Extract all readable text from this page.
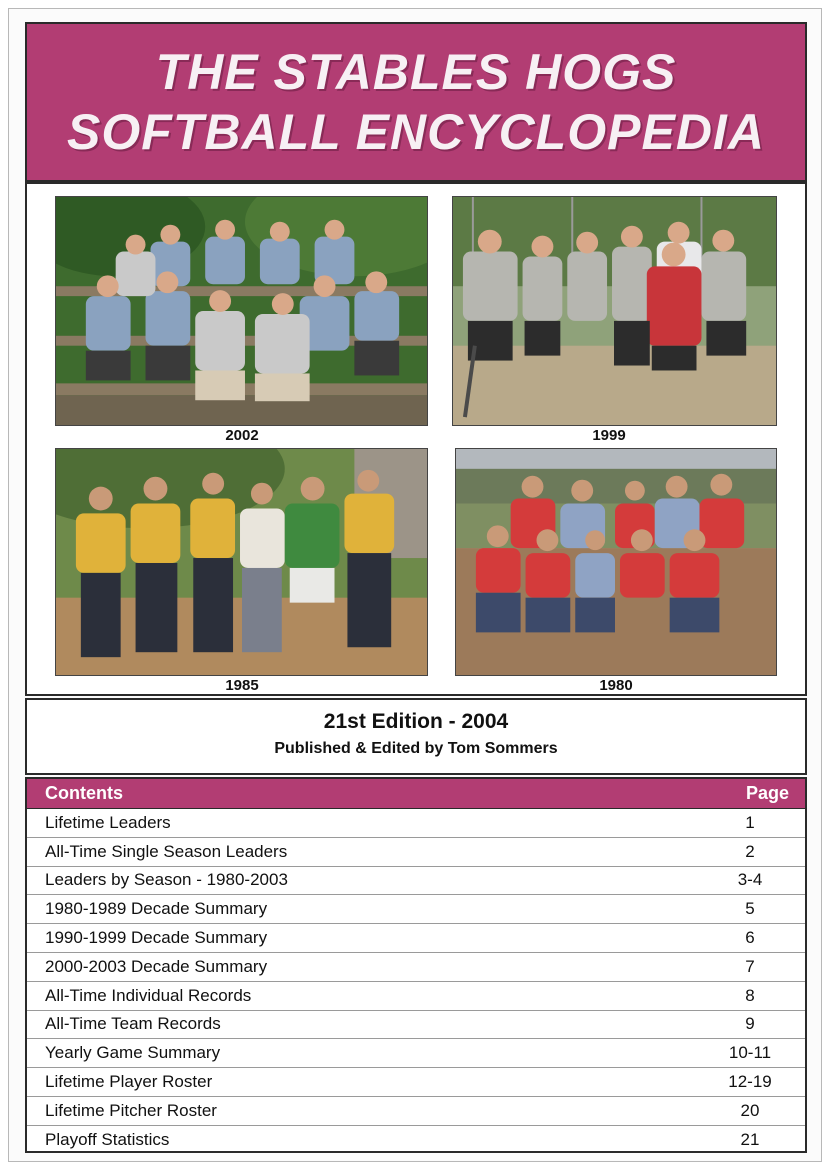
THE STABLES HOGS
SOFTBALL ENCYCLOPEDIA
2002	1999
1985	1980
21st Edition - 2004
Published & Edited by Tom Sommers
Contents	Page
Lifetime Leaders	1
All-Time Single Season Leaders	2
Leaders by Season - 1980-2003	3-4
1980-1989 Decade Summary	5
1990-1999 Decade Summary	6
2000-2003 Decade Summary	7
All-Time Individual Records	8
All-Time Team Records	9
Yearly Game Summary	10-11
Lifetime Player Roster	12-19
Lifetime Pitcher Roster	20
Playoff Statistics	21
